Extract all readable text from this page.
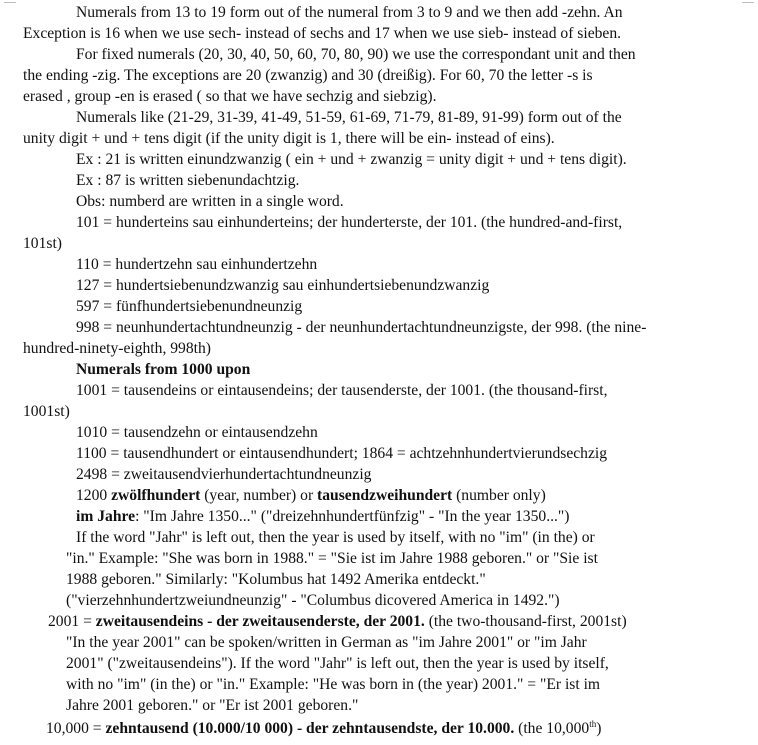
Numerals from 13 to 19 form out of the numeral from 3 to 9 and we then add -zehn. An
Exception is 16 when we use sech- instead of sechs and 17 when we use sieb- instead of sieben.
For fixed numerals (20, 30, 40, 50, 60, 70, 80, 90) we use the correspondant unit and then
the ending -zig. The exceptions are 20 (zwanzig) and 30 (dreißig). For 60, 70 the letter -s is
erased , group -en is erased ( so that we have sechzig and siebzig).
Numerals like (21-29, 31-39, 41-49, 51-59, 61-69, 71-79, 81-89, 91-99) form out of the
unity digit + und + tens digit (if the unity digit is 1, there will be ein- instead of eins).
Ex : 21 is written einundzwanzig ( ein + und + zwanzig = unity digit + und + tens digit).
Ex : 87 is written siebenundachtzig.
Obs: numberd are written in a single word.
101 = hunderteins sau einhunderteins; der hunderterste, der 101. (the hundred-and-first,
101st)
110 = hundertzehn sau einhundertzehn
127 = hundertsiebenundzwanzig sau einhundertsiebenundzwanzig
597 = fünfhundertsiebenundneunzig
998 = neunhundertachtundneunzig - der neunhundertachtundneunzigste, der 998. (the nine-
hundred-ninety-eighth, 998th)
Numerals from 1000 upon
1001 = tausendeins or eintausendeins; der tausenderste, der 1001. (the thousand-first,
1001st)
1010 = tausendzehn or eintausendzehn
1100 = tausendhundert or eintausendhundert; 1864 = achtzehnhundertvierundsechzig
2498 = zweitausendvierhundertachtundneunzig
1200 zwölfhundert (year, number) or tausendzweihundert (number only)
im Jahre: "Im Jahre 1350..." ("dreizehnhundertfünfzig" - "In the year 1350...")
If the word "Jahr" is left out, then the year is used by itself, with no "im" (in the) or
"in." Example: "She was born in 1988." = "Sie ist im Jahre 1988 geboren." or "Sie ist
1988 geboren." Similarly: "Kolumbus hat 1492 Amerika entdeckt."
("vierzehnhundertzweiundneunzig" - "Columbus dicovered America in 1492.")
2001 = zweitausendeins - der zweitausenderste, der 2001. (the two-thousand-first, 2001st)
"In the year 2001" can be spoken/written in German as "im Jahre 2001" or "im Jahr
2001" ("zweitausendeins"). If the word "Jahr" is left out, then the year is used by itself,
with no "im" (in the) or "in." Example: "He was born in (the year) 2001." = "Er ist im
Jahre 2001 geboren." or "Er ist 2001 geboren."
10,000 = zehntausend (10.000/10 000) - der zehntausendste, der 10.000. (the 10,000th)
